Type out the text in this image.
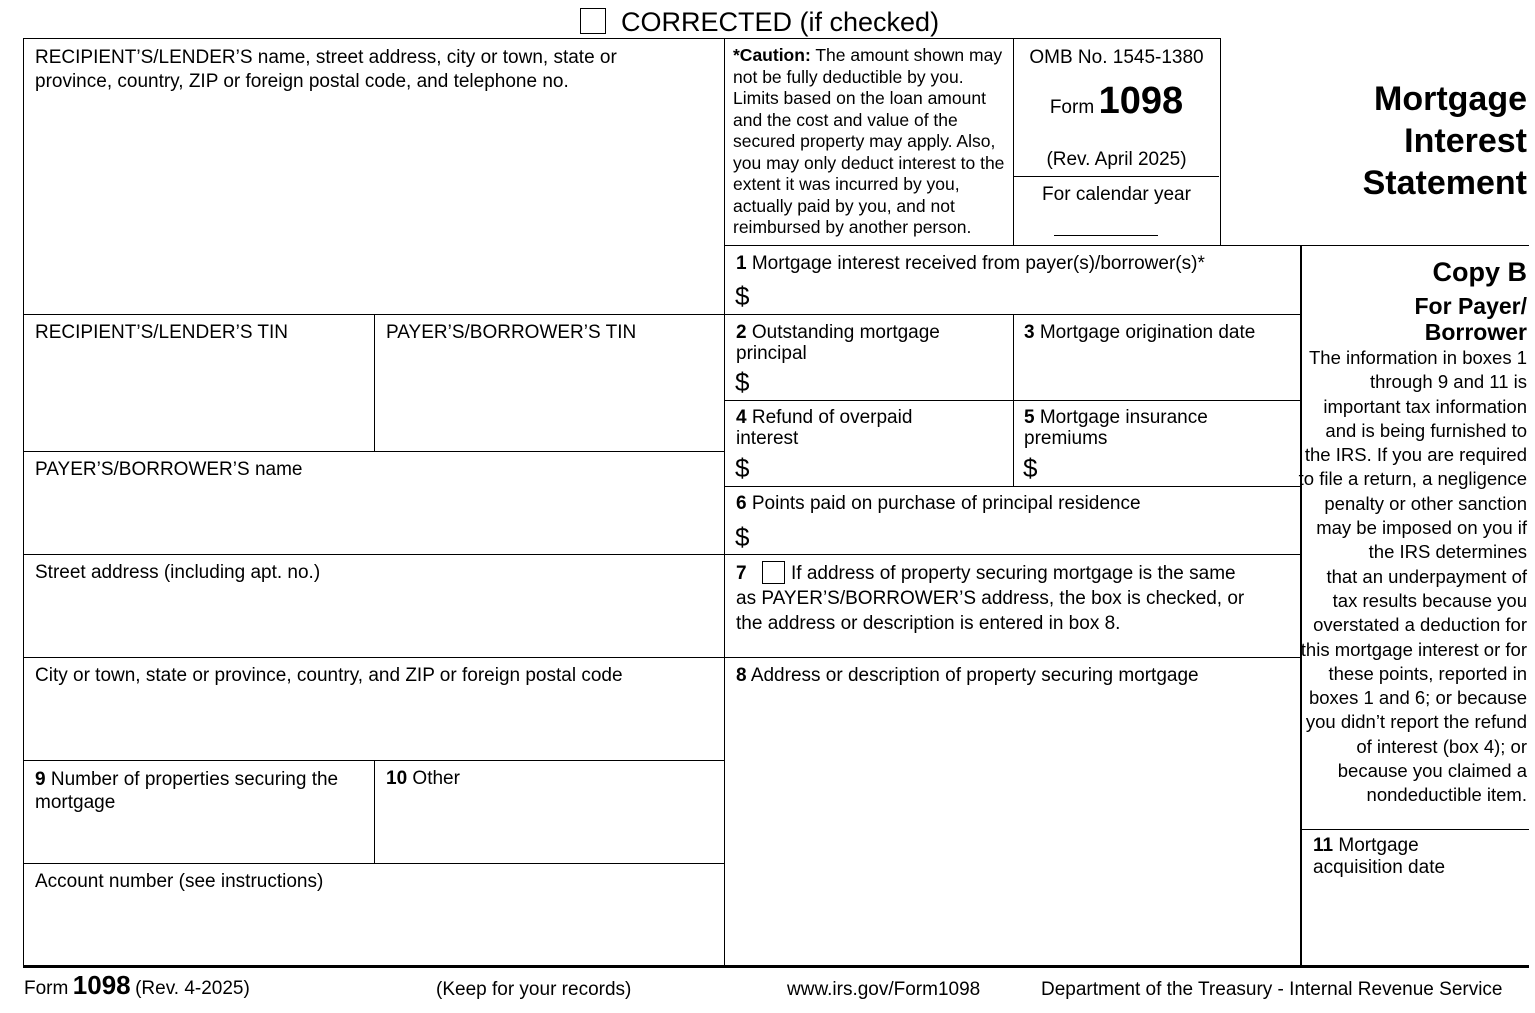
CORRECTED (if checked)
RECIPIENT’S/LENDER’S name, street address, city or town, state or province, country, ZIP or foreign postal code, and telephone no.
RECIPIENT’S/LENDER’S TIN	PAYER’S/BORROWER’S TIN
PAYER’S/BORROWER’S name
Street address (including apt. no.)
City or town, state or province, country, and ZIP or foreign postal code
9 Number of properties securing the
mortgage
10 Other
Account number (see instructions)
*Caution: The amount shown may
not be fully deductible by you.
Limits based on the loan amount
and the cost and value of the
secured property may apply. Also,
you may only deduct interest to the
extent it was incurred by you,
actually paid by you, and not
reimbursed by another person.
OMB No. 1545-1380
Form 1098
(Rev. April 2025)
For calendar year
Mortgage
Interest
Statement
1 Mortgage interest received from payer(s)/borrower(s)*
$
2 Outstanding mortgage
principal
$
3 Mortgage origination date
4 Refund of overpaid
interest
$
5 Mortgage insurance
premiums
$
6 Points paid on purchase of principal residence
$
7 If address of property securing mortgage is the same
as PAYER’S/BORROWER’S address, the box is checked, or
the address or description is entered in box 8.
8 Address or description of property securing mortgage
Copy B
For Payer/
Borrower
The information in boxes 1
through 9 and 11 is
important tax information
and is being furnished to
the IRS. If you are required
to file a return, a negligence
penalty or other sanction
may be imposed on you if
the IRS determines
that an underpayment of
tax results because you
overstated a deduction for
this mortgage interest or for
these points, reported in
boxes 1 and 6; or because
you didn’t report the refund
of interest (box 4); or
because you claimed a
nondeductible item.
11 Mortgage
acquisition date
Form 1098 (Rev. 4-2025)	(Keep for your records)	www.irs.gov/Form1098	Department of the Treasury - Internal Revenue Service
